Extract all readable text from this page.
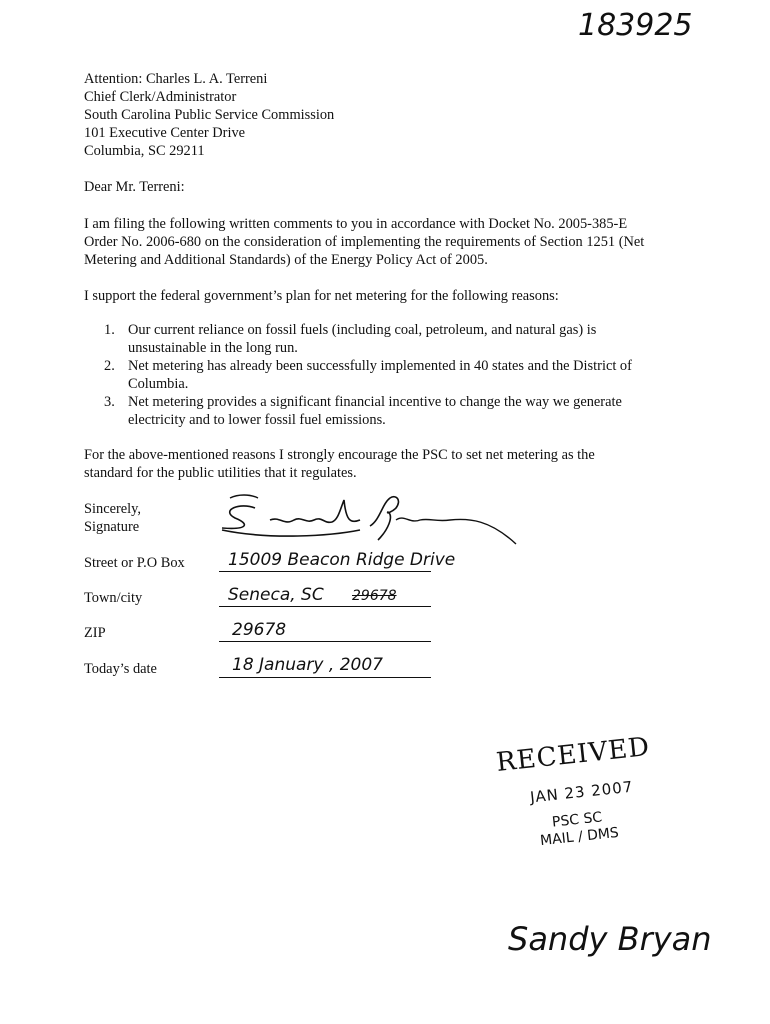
183925
Attention: Charles L. A. Terreni
Chief Clerk/Administrator
South Carolina Public Service Commission
101 Executive Center Drive
Columbia, SC 29211
Dear Mr. Terreni:
I am filing the following written comments to you in accordance with Docket No. 2005-385-E
Order No. 2006-680 on the consideration of implementing the requirements of Section 1251 (Net
Metering and Additional Standards) of the Energy Policy Act of 2005.
I support the federal government’s plan for net metering for the following reasons:
1. Our current reliance on fossil fuels (including coal, petroleum, and natural gas) is
unsustainable in the long run.
2. Net metering has already been successfully implemented in 40 states and the District of
Columbia.
3. Net metering provides a significant financial incentive to change the way we generate
electricity and to lower fossil fuel emissions.
For the above-mentioned reasons I strongly encourage the PSC to set net metering as the
standard for the public utilities that it regulates.
Sincerely,
Signature
Street or P.O Box	15009 Beacon Ridge Drive
Town/city	Seneca, SC 29678
ZIP	29678
Today’s date	18 January , 2007
RECEIVED
JAN 23 2007
PSC SC
MAIL / DMS
Sandy Bryan
